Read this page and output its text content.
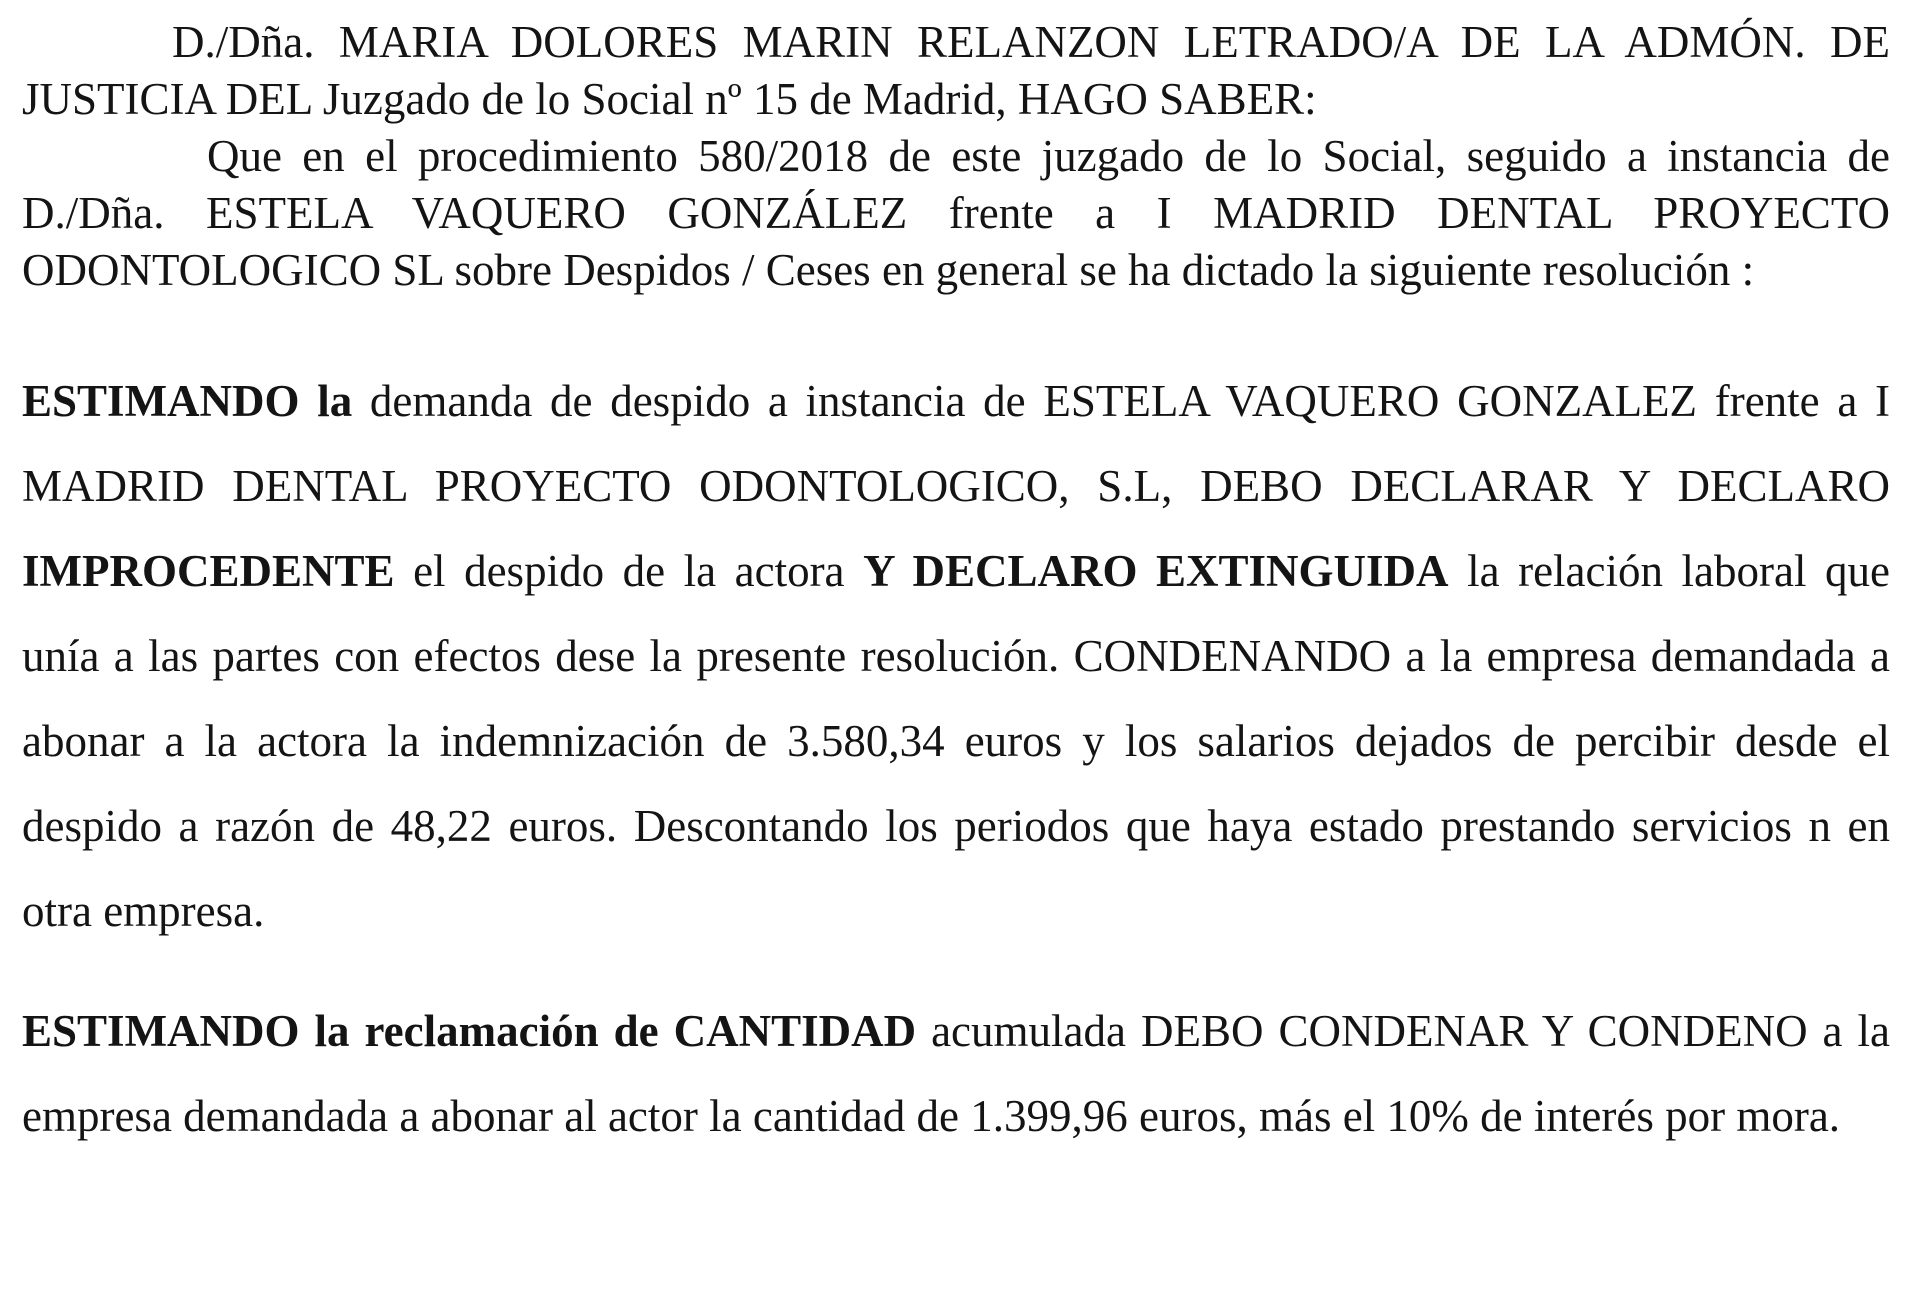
D./Dña. MARIA DOLORES MARIN RELANZON LETRADO/A DE LA ADMÓN. DE JUSTICIA DEL Juzgado de lo Social nº 15 de Madrid, HAGO SABER:

Que en el procedimiento 580/2018 de este juzgado de lo Social, seguido a instancia de D./Dña. ESTELA VAQUERO GONZÁLEZ frente a I MADRID DENTAL PROYECTO ODONTOLOGICO SL sobre Despidos / Ceses en general se ha dictado la siguiente resolución :

ESTIMANDO la demanda de despido a instancia de ESTELA VAQUERO GONZALEZ frente a I MADRID DENTAL PROYECTO ODONTOLOGICO, S.L, DEBO DECLARAR Y DECLARO IMPROCEDENTE el despido de la actora Y DECLARO EXTINGUIDA la relación laboral que unía a las partes con efectos dese la presente resolución. CONDENANDO a la empresa demandada a abonar a la actora la indemnización de 3.580,34 euros y los salarios dejados de percibir desde el despido a razón de 48,22 euros. Descontando los periodos que haya estado prestando servicios n en otra empresa.

ESTIMANDO la reclamación de CANTIDAD acumulada DEBO CONDENAR Y CONDENO a la empresa demandada a abonar al actor la cantidad de 1.399,96 euros, más el 10% de interés por mora.
